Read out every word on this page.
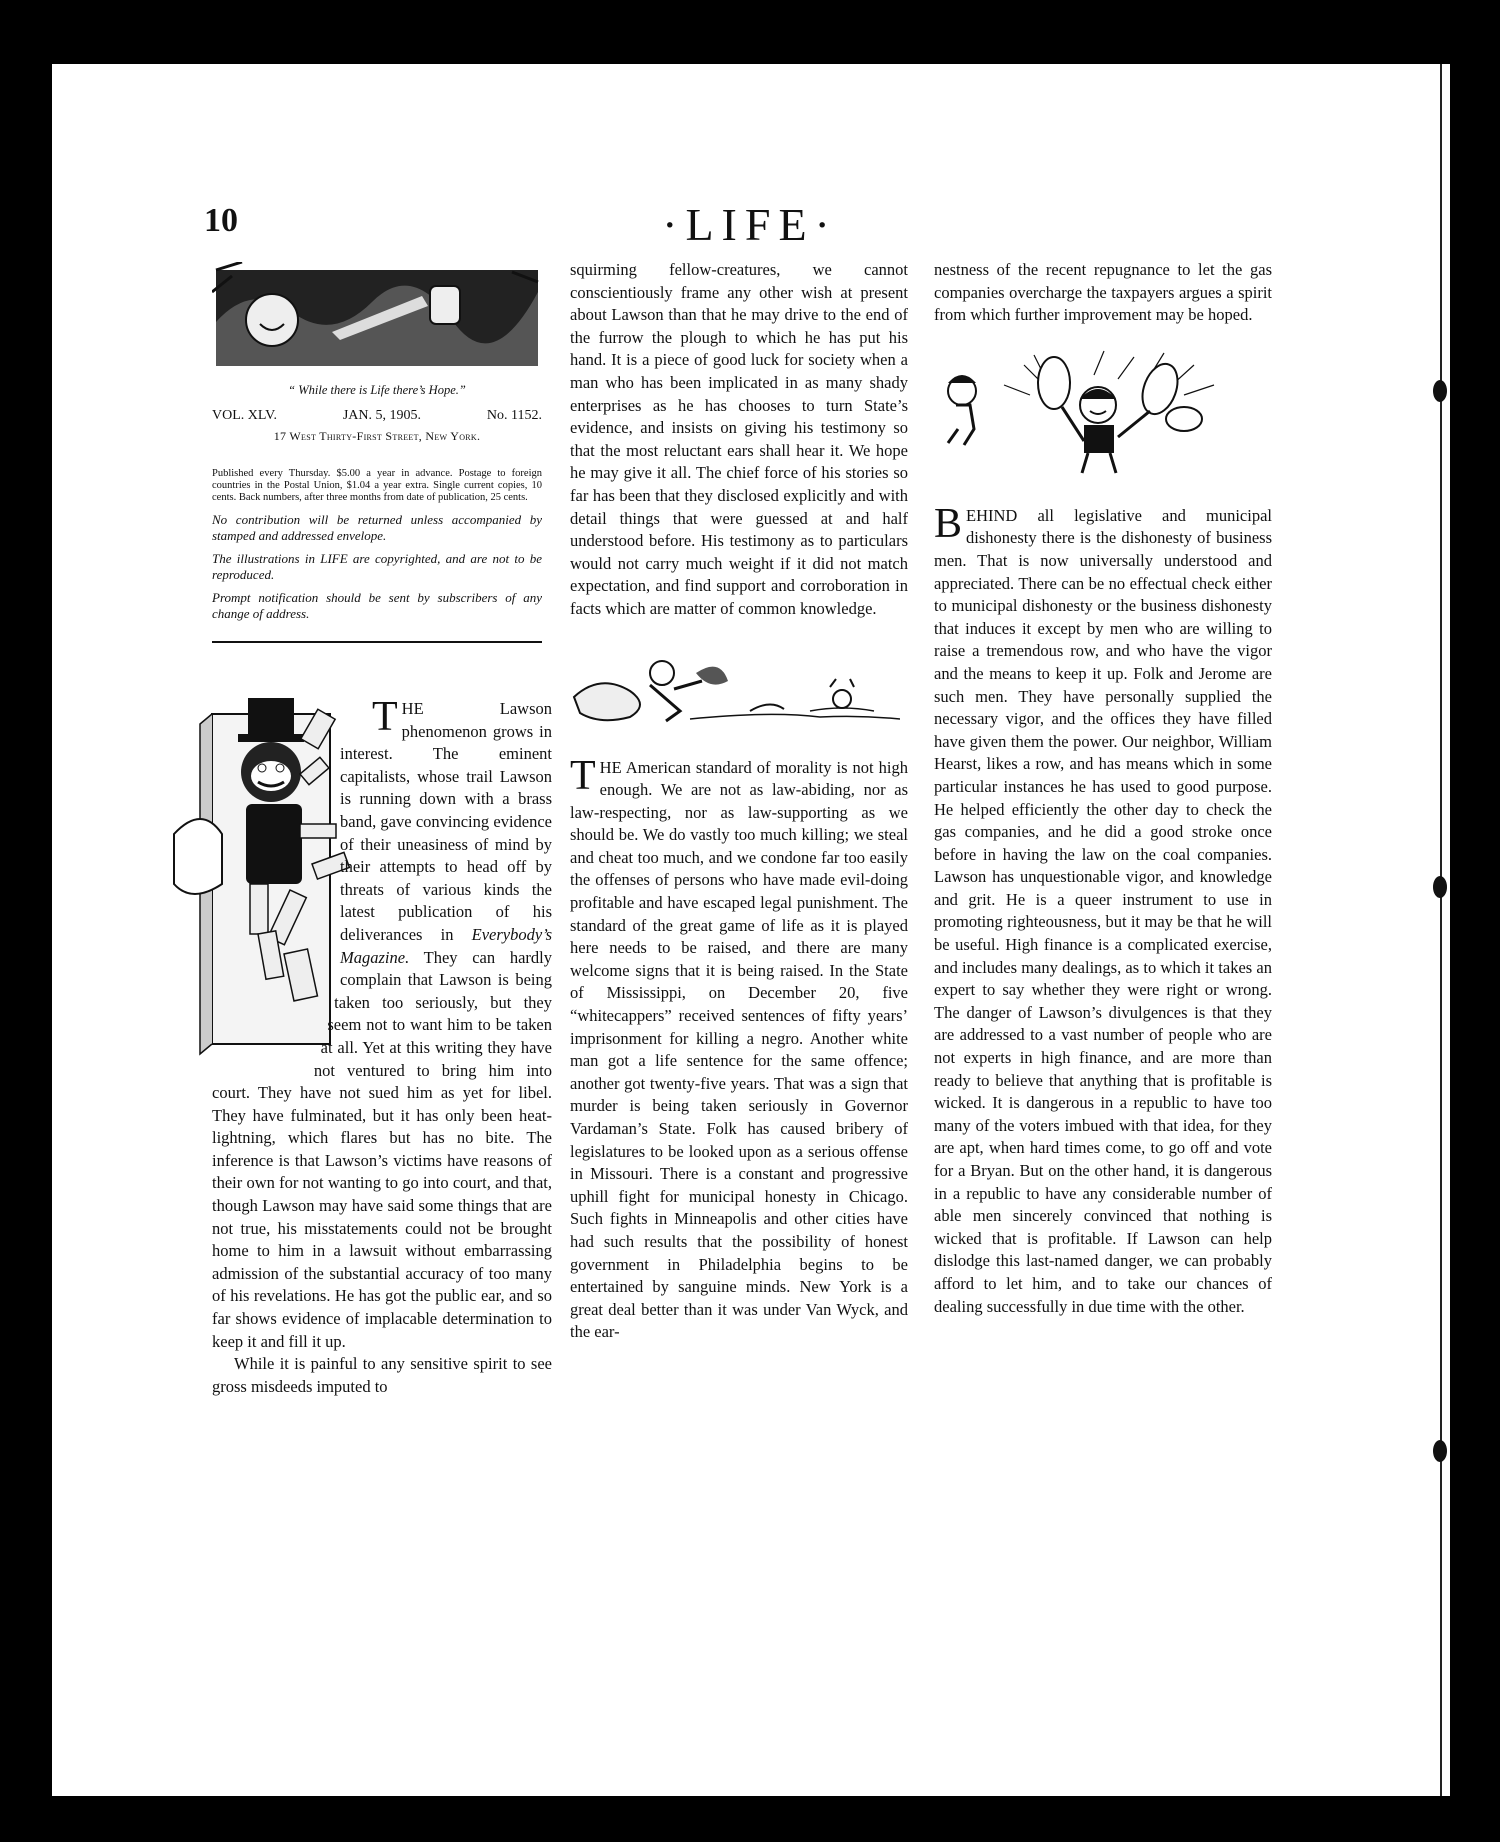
10	·LIFE·
“ While there is Life there’s Hope.”
VOL. XLV.	JAN. 5, 1905.	No. 1152.
17 West Thirty-First Street, New York.
Published every Thursday. $5.00 a year in advance. Postage to foreign countries in the Postal Union, $1.04 a year extra. Single current copies, 10 cents. Back numbers, after three months from date of publication, 25 cents.
No contribution will be returned unless accompanied by stamped and addressed envelope.
The illustrations in LIFE are copyrighted, and are not to be reproduced.
Prompt notification should be sent by subscribers of any change of address.

THE Lawson phenomenon grows in interest. The eminent capitalists, whose trail Lawson is running down with a brass band, gave convincing evidence of their uneasiness of mind by their attempts to head off by threats of various kinds the latest publication of his deliverances in Everybody’s Magazine. They can hardly complain that Lawson is being taken too seriously, but they seem not to want him to be taken at all. Yet at this writing they have not ventured to bring him into court. They have not sued him as yet for libel. They have fulminated, but it has only been heat-lightning, which flares but has no bite. The inference is that Lawson’s victims have reasons of their own for not wanting to go into court, and that, though Lawson may have said some things that are not true, his misstatements could not be brought home to him in a lawsuit without embarrassing admission of the substantial accuracy of too many of his revelations. He has got the public ear, and so far shows evidence of implacable determination to keep it and fill it up.

While it is painful to any sensitive spirit to see gross misdeeds imputed to

squirming fellow-creatures, we cannot conscientiously frame any other wish at present about Lawson than that he may drive to the end of the furrow the plough to which he has put his hand. It is a piece of good luck for society when a man who has been implicated in as many shady enterprises as he has chooses to turn State’s evidence, and insists on giving his testimony so that the most reluctant ears shall hear it. We hope he may give it all. The chief force of his stories so far has been that they disclosed explicitly and with detail things that were guessed at and half understood before. His testimony as to particulars would not carry much weight if it did not match expectation, and find support and corroboration in facts which are matter of common knowledge.

THE American standard of morality is not high enough. We are not as law-abiding, nor as law-respecting, nor as law-supporting as we should be. We do vastly too much killing; we steal and cheat too much, and we condone far too easily the offenses of persons who have made evil-doing profitable and have escaped legal punishment. The standard of the great game of life as it is played here needs to be raised, and there are many welcome signs that it is being raised. In the State of Mississippi, on December 20, five “whitecappers” received sentences of fifty years’ imprisonment for killing a negro. Another white man got a life sentence for the same offence; another got twenty-five years. That was a sign that murder is being taken seriously in Governor Vardaman’s State. Folk has caused bribery of legislatures to be looked upon as a serious offense in Missouri. There is a constant and progressive uphill fight for municipal honesty in Chicago. Such fights in Minneapolis and other cities have had such results that the possibility of honest government in Philadelphia begins to be entertained by sanguine minds. New York is a great deal better than it was under Van Wyck, and the ear-

nestness of the recent repugnance to let the gas companies overcharge the taxpayers argues a spirit from which further improvement may be hoped.

BEHIND all legislative and municipal dishonesty there is the dishonesty of business men. That is now universally understood and appreciated. There can be no effectual check either to municipal dishonesty or the business dishonesty that induces it except by men who are willing to raise a tremendous row, and who have the vigor and the means to keep it up. Folk and Jerome are such men. They have personally supplied the necessary vigor, and the offices they have filled have given them the power. Our neighbor, William Hearst, likes a row, and has means which in some particular instances he has used to good purpose. He helped efficiently the other day to check the gas companies, and he did a good stroke once before in having the law on the coal companies. Lawson has unquestionable vigor, and knowledge and grit. He is a queer instrument to use in promoting righteousness, but it may be that he will be useful. High finance is a complicated exercise, and includes many dealings, as to which it takes an expert to say whether they were right or wrong. The danger of Lawson’s divulgences is that they are addressed to a vast number of people who are not experts in high finance, and are more than ready to believe that anything that is profitable is wicked. It is dangerous in a republic to have too many of the voters imbued with that idea, for they are apt, when hard times come, to go off and vote for a Bryan. But on the other hand, it is dangerous in a republic to have any considerable number of able men sincerely convinced that nothing is wicked that is profitable. If Lawson can help dislodge this last-named danger, we can probably afford to let him, and to take our chances of dealing successfully in due time with the other.
